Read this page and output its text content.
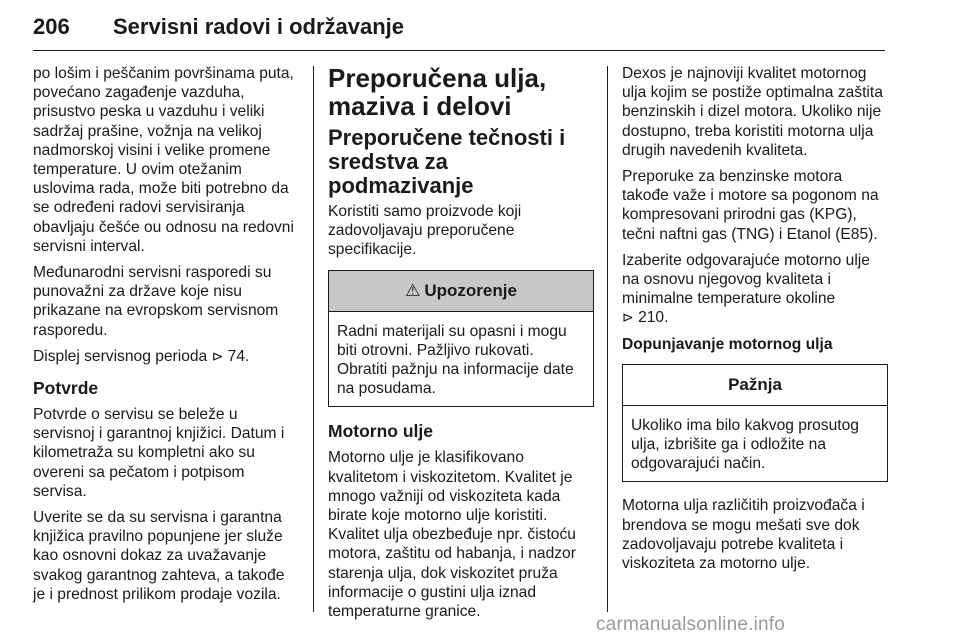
206 Servisni radovi i održavanje

po lošim i peščanim površinama puta, povećano zagađenje vazduha, prisustvo peska u vazduhu i veliki sadržaj prašine, vožnja na velikoj nadmorskoj visini i velike promene temperature. U ovim otežanim uslovima rada, može biti potrebno da se određeni radovi servisiranja obavljaju češće ou odnosu na redovni servisni interval.

Međunarodni servisni rasporedi su punovažni za države koje nisu prikazane na evropskom servisnom rasporedu.

Displej servisnog perioda ⊳ 74.

Potvrde

Potvrde o servisu se beleže u servisnoj i garantnoj knjižici. Datum i kilometraža su kompletni ako su overeni sa pečatom i potpisom servisa.

Uverite se da su servisna i garantna knjižica pravilno popunjene jer služe kao osnovni dokaz za uvažavanje svakog garantnog zahteva, a takođe je i prednost prilikom prodaje vozila.

Preporučena ulja, maziva i delovi
Preporučene tečnosti i sredstva za podmazivanje

Koristiti samo proizvode koji zadovoljavaju preporučene specifikacije.

⚠ Upozorenje
Radni materijali su opasni i mogu biti otrovni. Pažljivo rukovati. Obratiti pažnju na informacije date na posudama.
Motorno ulje

Motorno ulje je klasifikovano kvalitetom i viskozitetom. Kvalitet je mnogo važniji od viskoziteta kada birate koje motorno ulje koristiti. Kvalitet ulja obezbeđuje npr. čistoću motora, zaštitu od habanja, i nadzor starenja ulja, dok viskozitet pruža informacije o gustini ulja iznad temperaturne granice.

Dexos je najnoviji kvalitet motornog ulja kojim se postiže optimalna zaštita benzinskih i dizel motora. Ukoliko nije dostupno, treba koristiti motorna ulja drugih navedenih kvaliteta.

Preporuke za benzinske motora takođe važe i motore sa pogonom na kompresovani prirodni gas (KPG), tečni naftni gas (TNG) i Etanol (E85).

Izaberite odgovarajuće motorno ulje na osnovu njegovog kvaliteta i minimalne temperature okoline
⊳ 210.

Dopunjavanje motornog ulja
Pažnja
Ukoliko ima bilo kakvog prosutog ulja, izbrišite ga i odložite na odgovarajući način.

Motorna ulja različitih proizvođača i brendova se mogu mešati sve dok zadovoljavaju potrebe kvaliteta i viskoziteta za motorno ulje.

carmanualsonline.info
